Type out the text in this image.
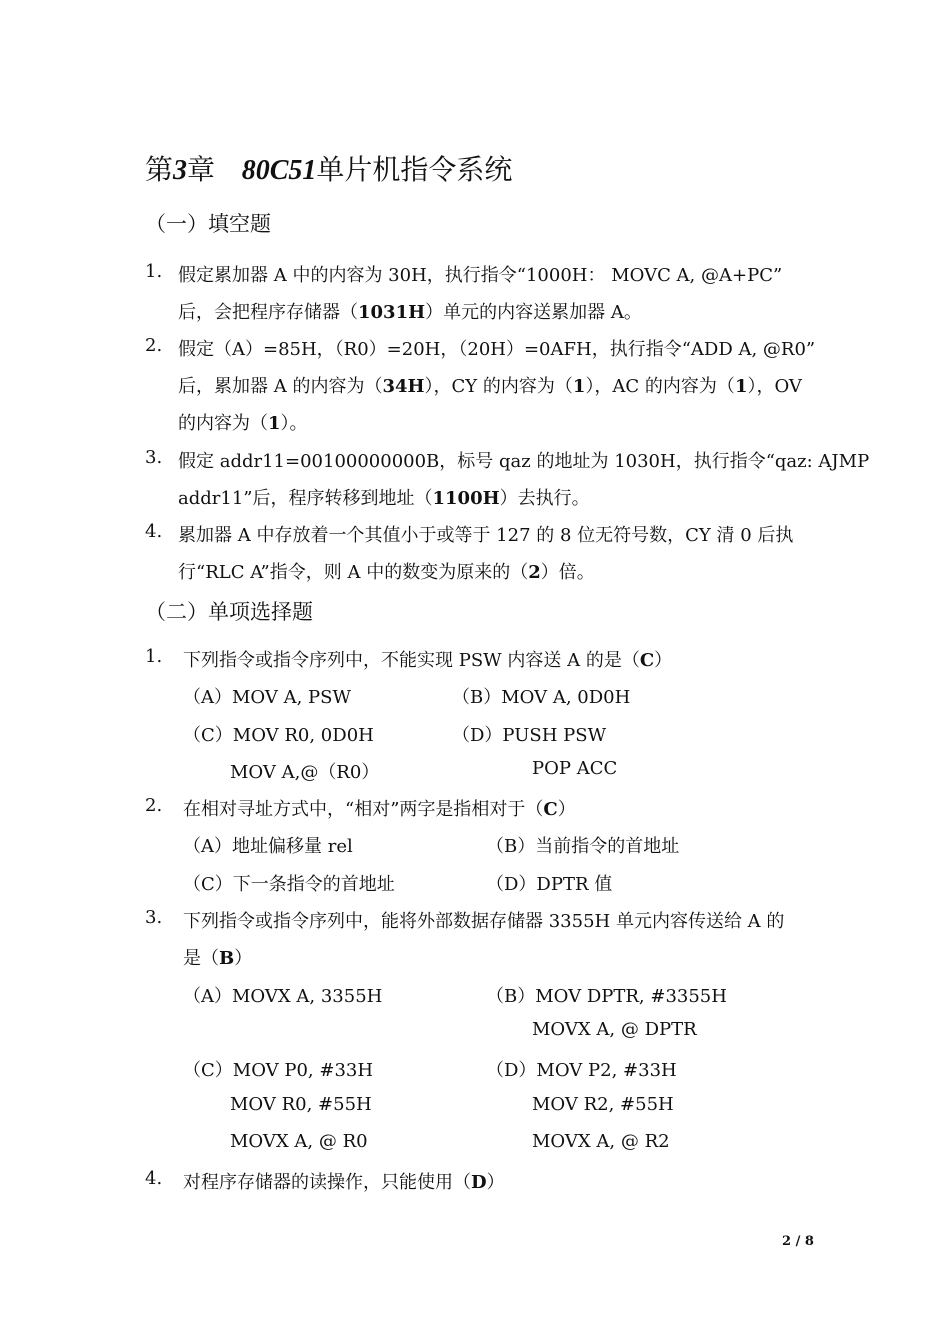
第3章 80C51单片机指令系统
（一）填空题
1. 假定累加器 A 中的内容为 30H，执行指令“1000H： MOVC A, @A+PC”
后，会把程序存储器（1031H）单元的内容送累加器 A。
2. 假定（A）=85H，（R0）=20H，（20H）=0AFH，执行指令“ADD A, @R0”
后，累加器 A 的内容为（34H），CY 的内容为（1），AC 的内容为（1），OV
的内容为（1）。
3. 假定 addr11=00100000000B，标号 qaz 的地址为 1030H，执行指令“qaz: AJMP
addr11”后，程序转移到地址（1100H）去执行。
4. 累加器 A 中存放着一个其值小于或等于 127 的 8 位无符号数，CY 清 0 后执
行“RLC A”指令，则 A 中的数变为原来的（2）倍。
（二）单项选择题
1. 下列指令或指令序列中，不能实现 PSW 内容送 A 的是（C）
（A）MOV A, PSW	（B）MOV A, 0D0H
（C）MOV R0, 0D0H	（D）PUSH PSW
MOV A,@（R0）	POP ACC
2. 在相对寻址方式中，“相对”两字是指相对于（C）
（A）地址偏移量 rel	（B）当前指令的首地址
（C）下一条指令的首地址	（D）DPTR 值
3. 下列指令或指令序列中，能将外部数据存储器 3355H 单元内容传送给 A 的
是（B）
（A）MOVX A, 3355H	（B）MOV DPTR, #3355H
MOVX A, @ DPTR
（C）MOV P0, #33H	（D）MOV P2, #33H
MOV R0, #55H	MOV R2, #55H
MOVX A, @ R0	MOVX A, @ R2
4. 对程序存储器的读操作，只能使用（D）
2 / 8
